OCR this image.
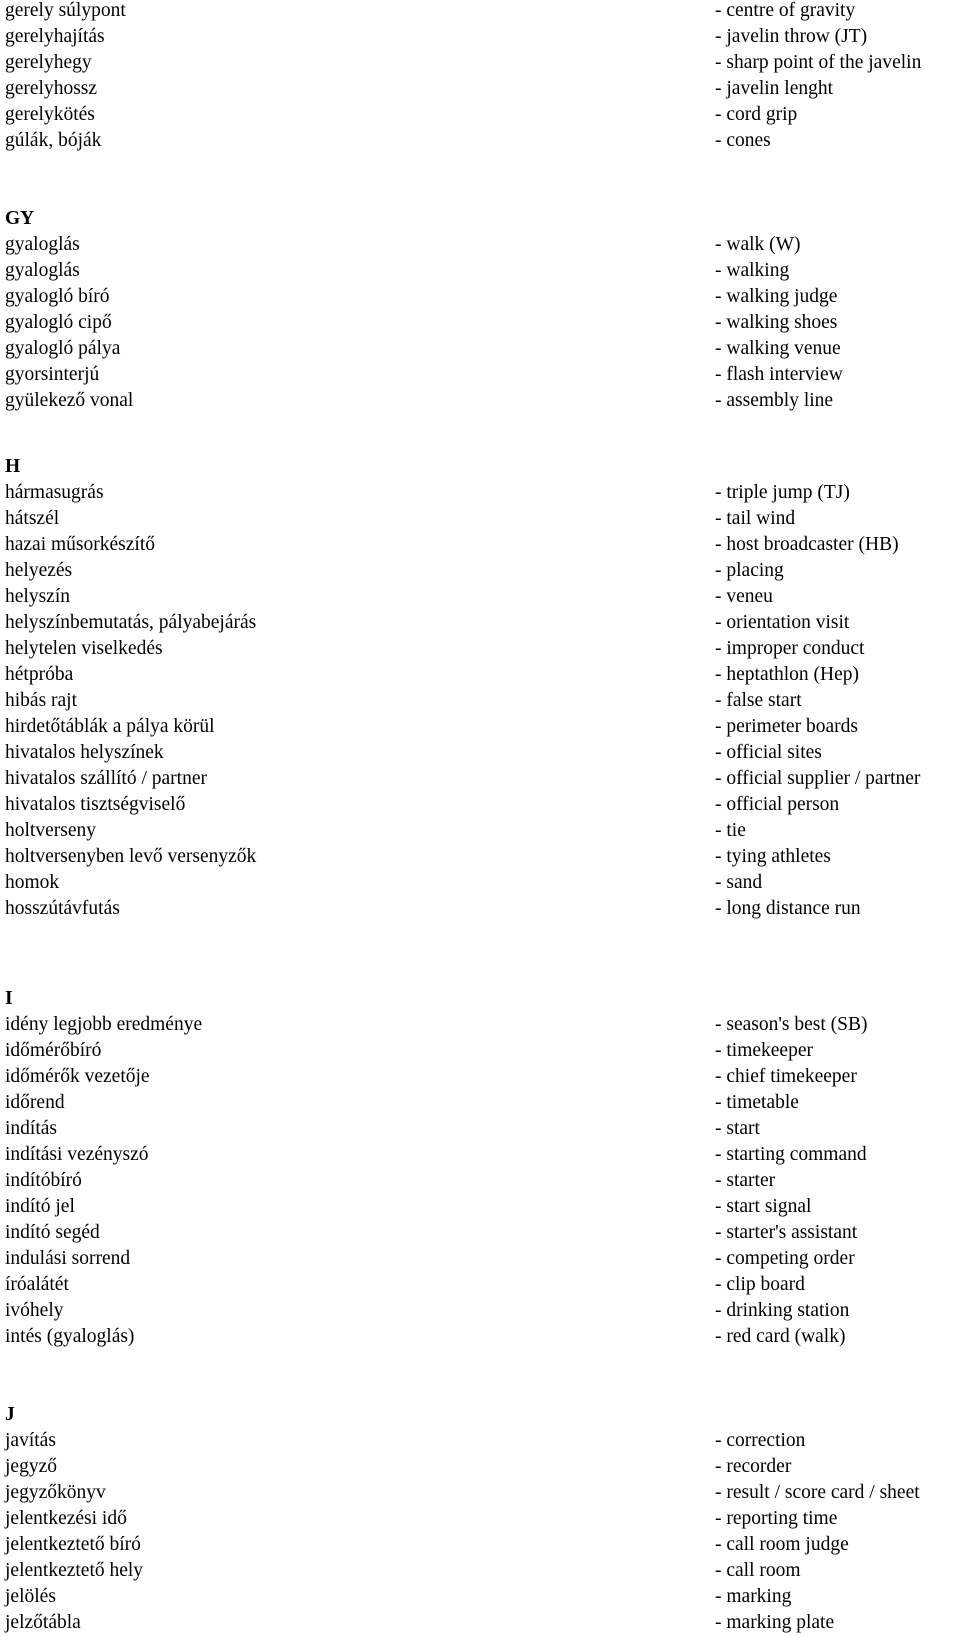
gerely súlypont	- centre of gravity
gerelyhajítás	- javelin throw (JT)
gerelyhegy	- sharp point of the javelin
gerelyhossz	- javelin lenght
gerelykötés	- cord grip
gúlák, bóják	- cones
GY
gyaloglás	- walk (W)
gyaloglás	- walking
gyalogló bíró	- walking judge
gyalogló cipő	- walking shoes
gyalogló pálya	- walking venue
gyorsinterjú	- flash interview
gyülekező vonal	- assembly line
H
hármasugrás	- triple jump (TJ)
hátszél	- tail wind
hazai műsorkészítő	- host broadcaster (HB)
helyezés	- placing
helyszín	- veneu
helyszínbemutatás, pályabejárás	- orientation visit
helytelen viselkedés	- improper conduct
hétpróba	- heptathlon (Hep)
hibás rajt	- false start
hirdetőtáblák a pálya körül	- perimeter boards
hivatalos helyszínek	- official sites
hivatalos szállító / partner	- official supplier / partner
hivatalos tisztségviselő	- official person
holtverseny	- tie
holtversenyben levő versenyzők	- tying athletes
homok	- sand
hosszútávfutás	- long distance run
I
idény legjobb eredménye	- season's best (SB)
időmérőbíró	- timekeeper
időmérők vezetője	- chief timekeeper
időrend	- timetable
indítás	- start
indítási vezényszó	- starting command
indítóbíró	- starter
indító jel	- start signal
indító segéd	- starter's assistant
indulási sorrend	- competing order
íróalátét	- clip board
ivóhely	- drinking station
intés (gyaloglás)	- red card (walk)
J
javítás	- correction
jegyző	- recorder
jegyzőkönyv	- result / score card / sheet
jelentkezési idő	- reporting time
jelentkeztető bíró	- call room judge
jelentkeztető hely	- call room
jelölés	- marking
jelzőtábla	- marking plate
